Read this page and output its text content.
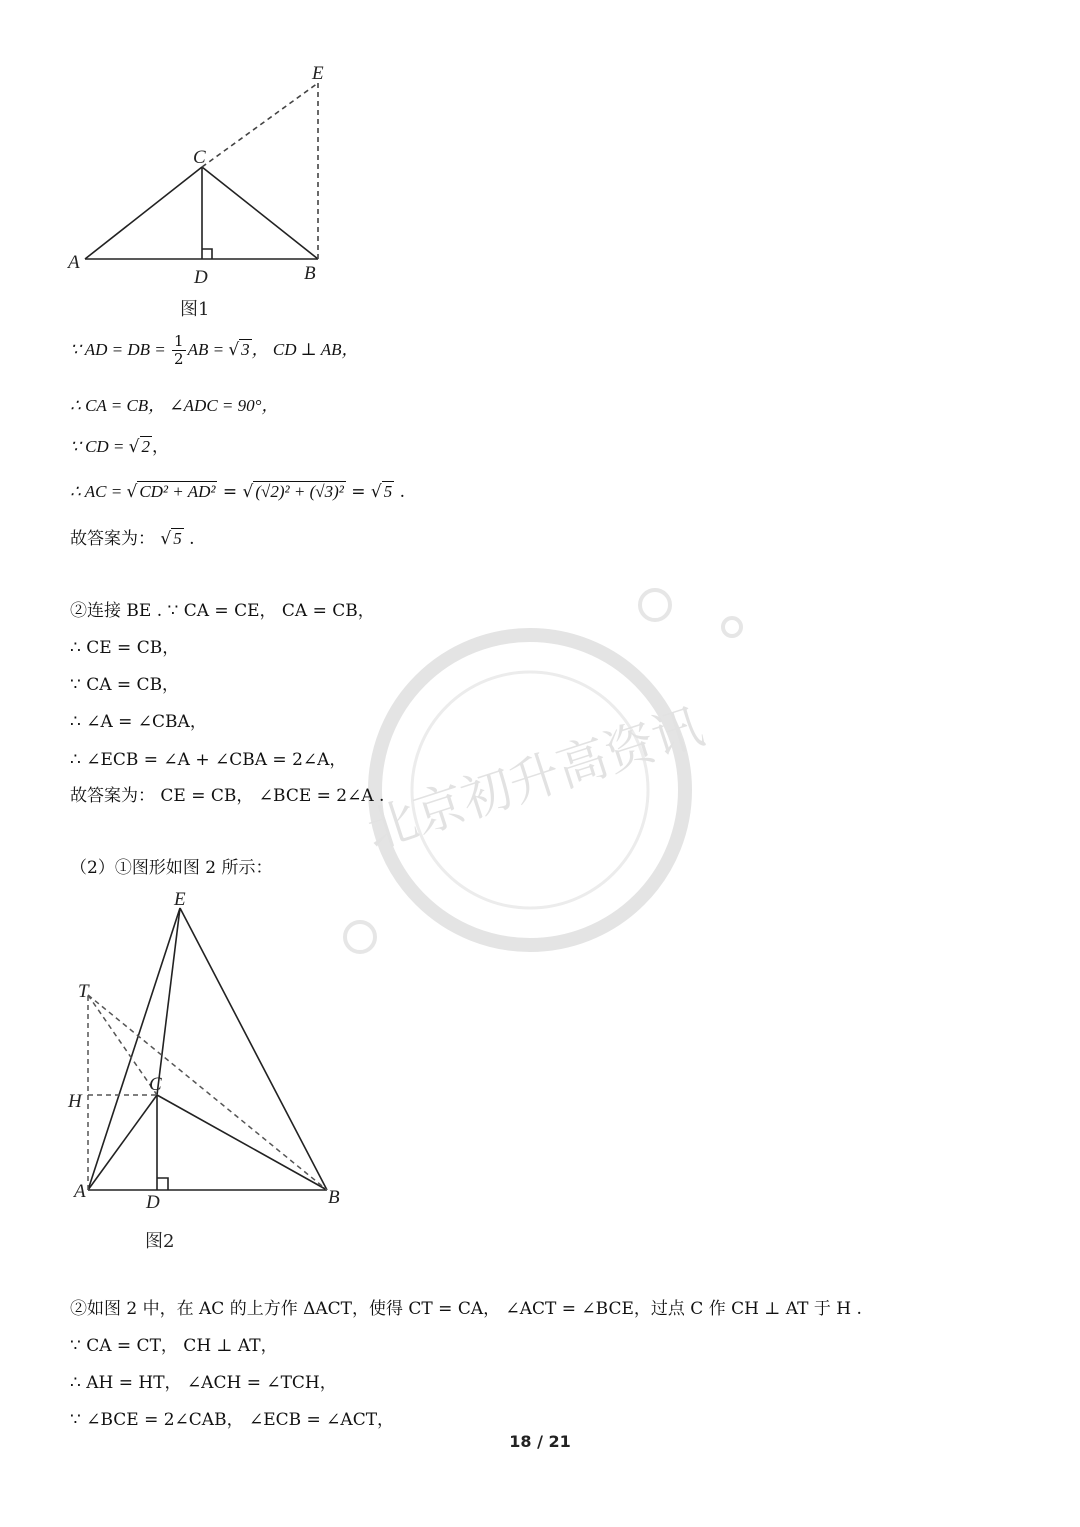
北京初升高资讯
A
B
C
D
E
图1
∵ AD = DB = $\frac{1}{2}$ AB = √ 3 ， CD ⊥ AB，
∴ CA = CB， ∠ADC = 90°，
∵ CD = √ 2 ，
∴ AC = √ CD² + AD² = √ (√2)² + (√3)² = √ 5 .
故答案为： √ 5 .
②连接 BE . ∵ CA = CE， CA = CB，
∴ CE = CB，
∵ CA = CB，
∴ ∠A = ∠CBA，
∴ ∠ECB = ∠A + ∠CBA = 2∠A，
故答案为： CE = CB， ∠BCE = 2∠A .
（2）①图形如图 2 所示：
A	B
C
D
E
T
H
图2
②如图 2 中，在 AC 的上方作 ΔACT，使得 CT = CA， ∠ACT = ∠BCE，过点 C 作 CH ⊥ AT 于 H .
∵ CA = CT， CH ⊥ AT，
∴ AH = HT， ∠ACH = ∠TCH，
∵ ∠BCE = 2∠CAB， ∠ECB = ∠ACT，
18 / 21
